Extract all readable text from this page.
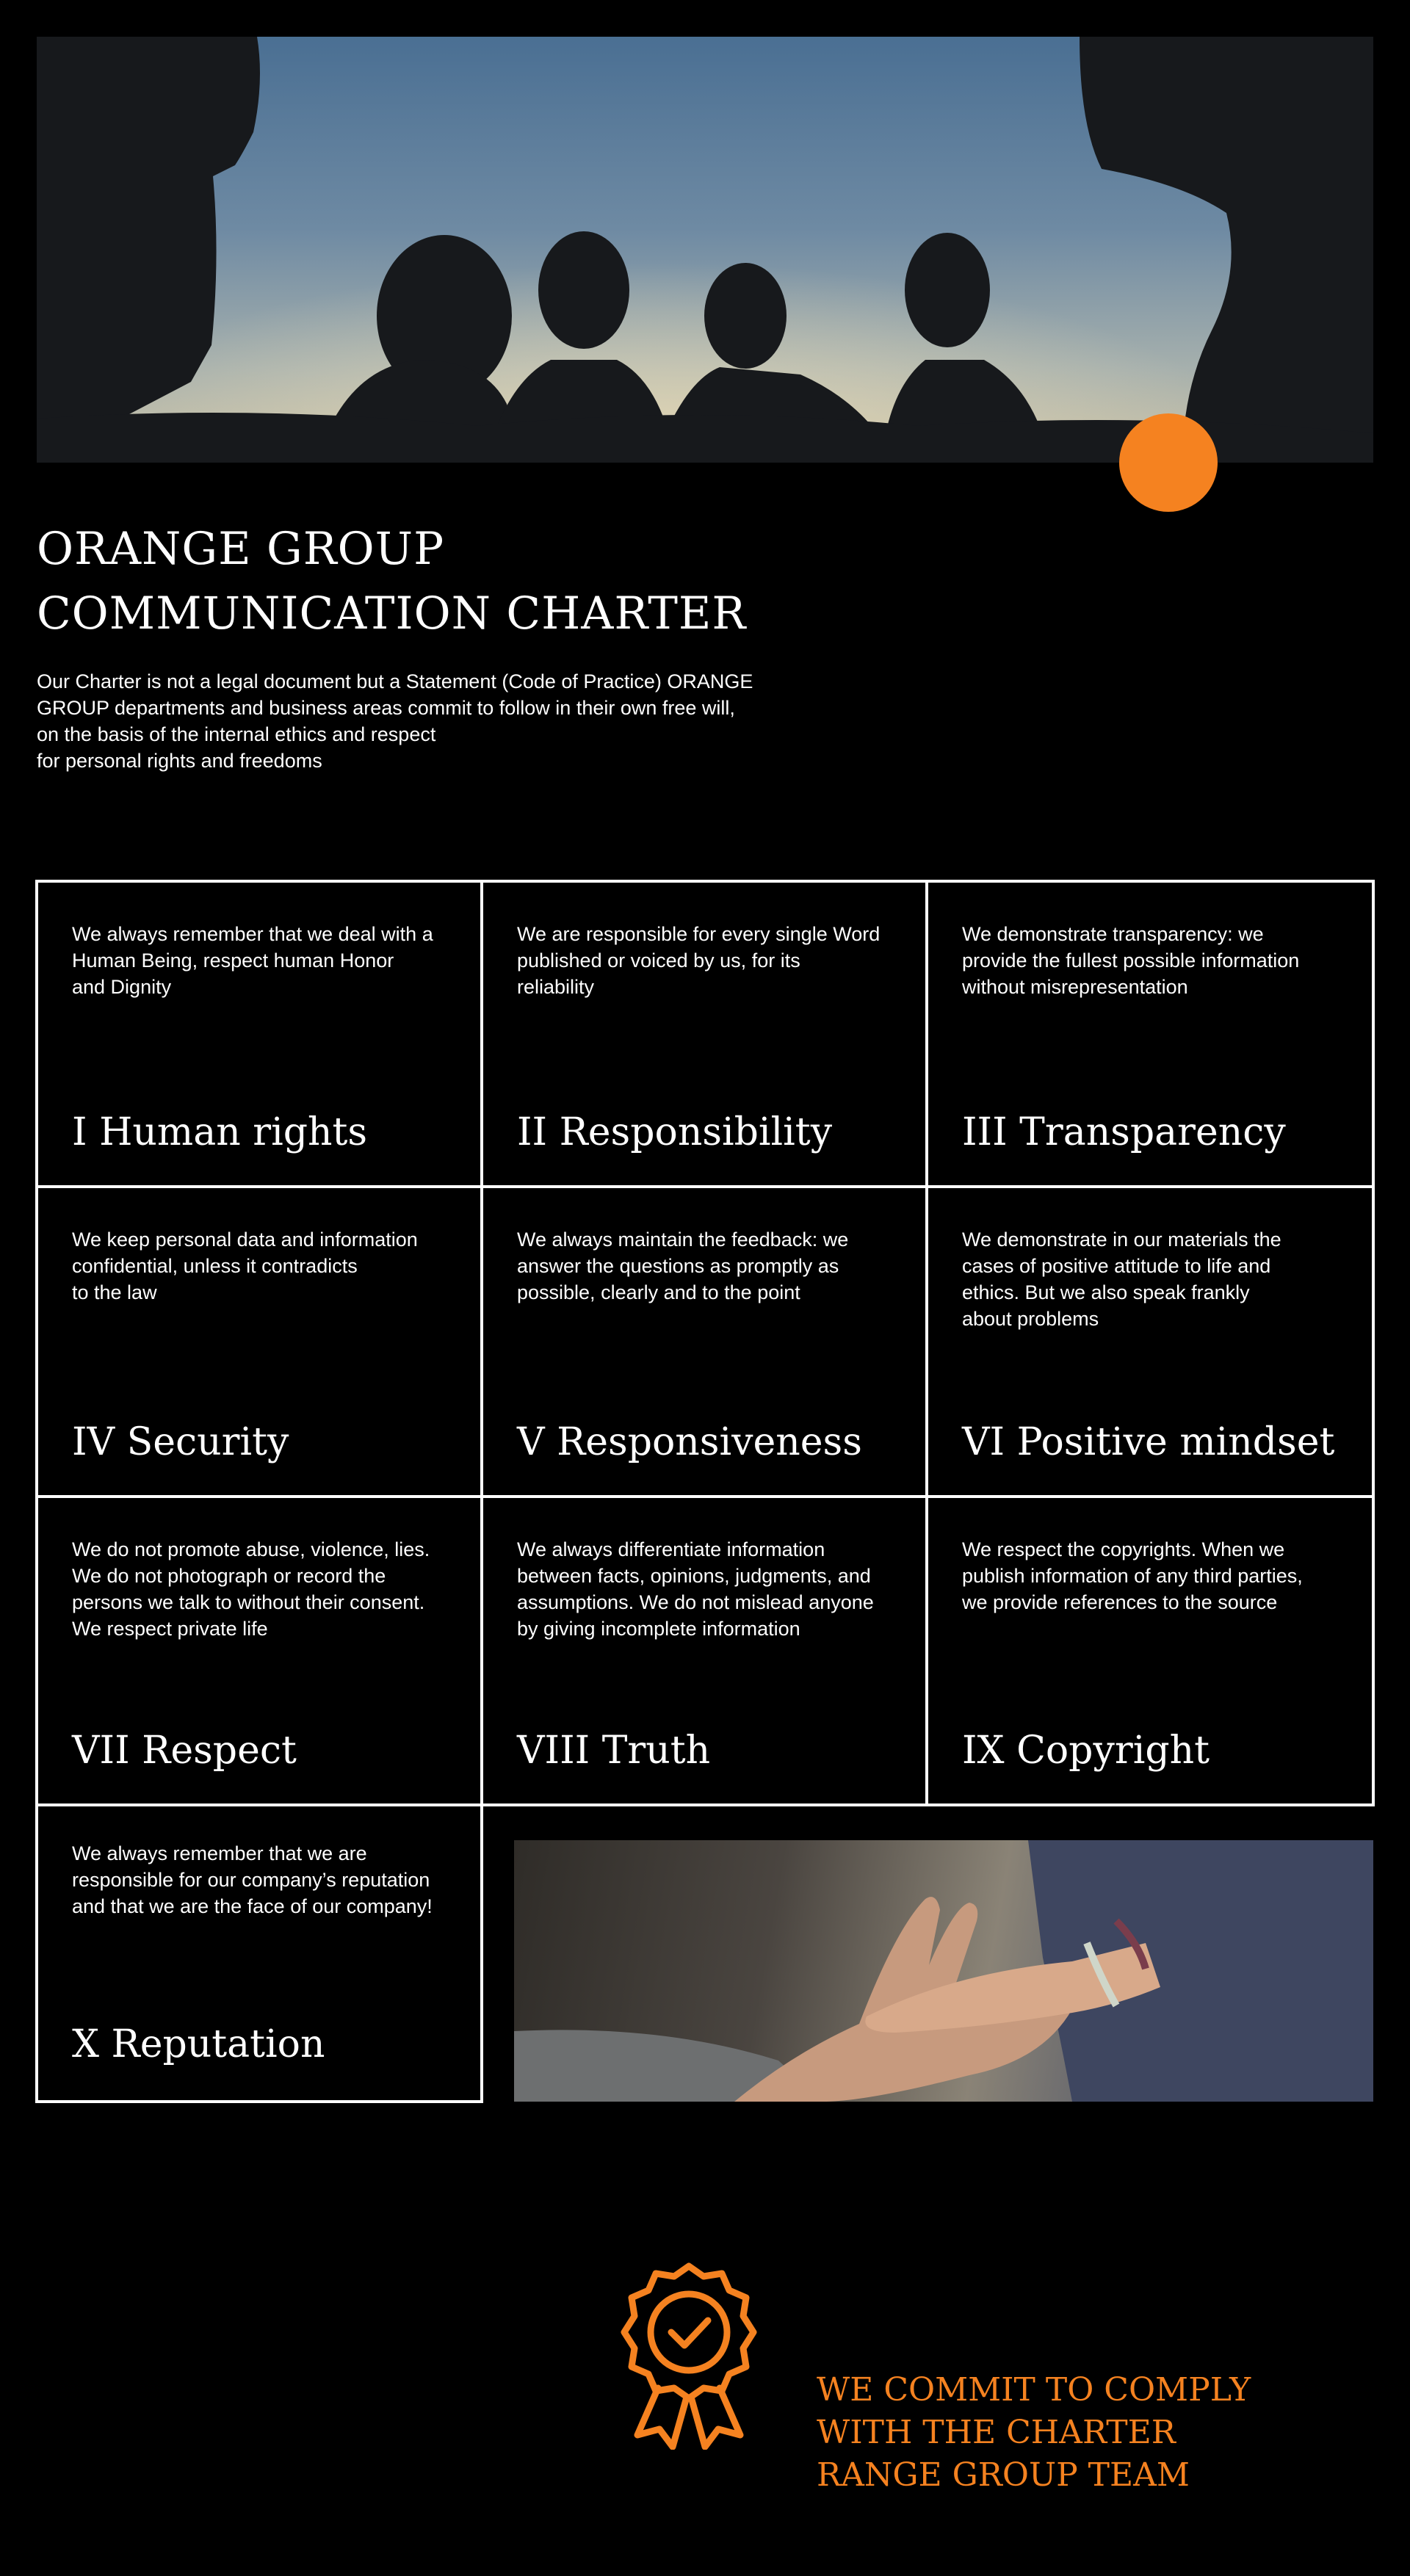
ORANGE GROUP
COMMUNICATION CHARTER

Our Charter is not a legal document but a Statement (Code of Practice) ORANGE
GROUP departments and business areas commit to follow in their own free will,
on the basis of the internal ethics and respect
for personal rights and freedoms

We always remember that we deal with a
Human Being, respect human Honor
and Dignity

I Human rights

We are responsible for every single Word
published or voiced by us, for its
reliability

II Responsibility

We demonstrate transparency: we
provide the fullest possible information
without misrepresentation

III Transparency

We keep personal data and information
confidential, unless it contradicts
to the law

IV Security

We always maintain the feedback: we
answer the questions as promptly as
possible, clearly and to the point

V Responsiveness

We demonstrate in our materials the
cases of positive attitude to life and
ethics. But we also speak frankly
about problems

VI Positive mindset

We do not promote abuse, violence, lies.
We do not photograph or record the
persons we talk to without their consent.
We respect private life

VII Respect

We always differentiate information
between facts, opinions, judgments, and
assumptions. We do not mislead anyone
by giving incomplete information

VIII Truth

We respect the copyrights. When we
publish information of any third parties,
we provide references to the source

IX Copyright

We always remember that we are
responsible for our company’s reputation
and that we are the face of our company!

X Reputation

WE COMMIT TO COMPLY
WITH THE CHARTER
RANGE GROUP TEAM
